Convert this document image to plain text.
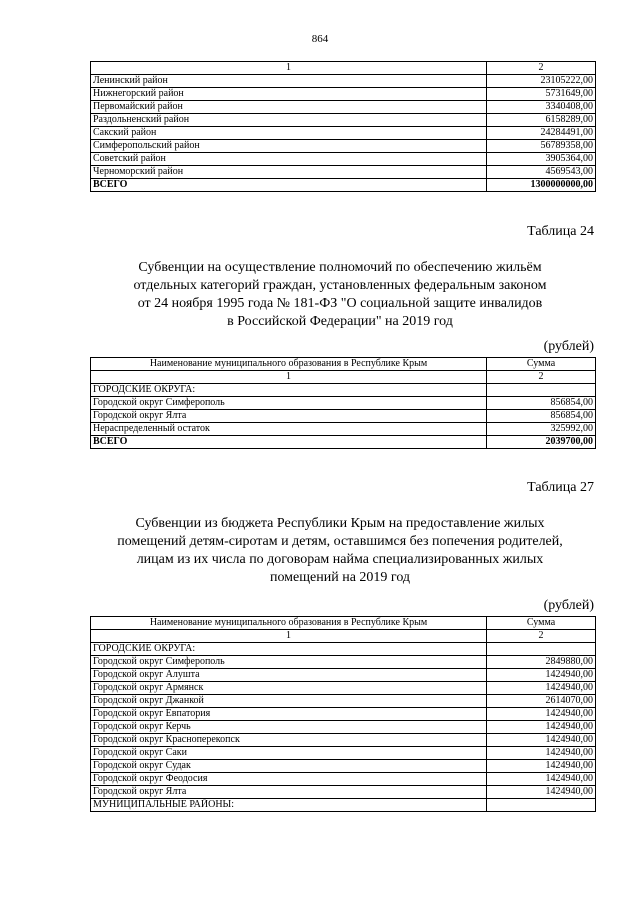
864
1	2
Ленинский район	23105222,00
Нижнегорский район	5731649,00
Первомайский район	3340408,00
Раздольненский район	6158289,00
Сакский район	24284491,00
Симферопольский район	56789358,00
Советский район	3905364,00
Черноморский район	4569543,00
ВСЕГО	1300000000,00
Таблица 24
Субвенции на осуществление полномочий по обеспечению жильём
отдельных категорий граждан, установленных федеральным законом
от 24 ноября 1995 года № 181-ФЗ "О социальной защите инвалидов
в Российской Федерации" на 2019 год
(рублей)
Наименование муниципального образования в Республике Крым	Сумма
1	2
ГОРОДСКИЕ ОКРУГА:	
Городской округ Симферополь	856854,00
Городской округ Ялта	856854,00
Нераспределенный остаток	325992,00
ВСЕГО	2039700,00
Таблица 27
Субвенции из бюджета Республики Крым на предоставление жилых
помещений детям-сиротам и детям, оставшимся без попечения родителей,
лицам из их числа по договорам найма специализированных жилых
помещений на 2019 год
(рублей)
Наименование муниципального образования в Республике Крым	Сумма
1	2
ГОРОДСКИЕ ОКРУГА:	
Городской округ Симферополь	2849880,00
Городской округ Алушта	1424940,00
Городской округ Армянск	1424940,00
Городской округ Джанкой	2614070,00
Городской округ Евпатория	1424940,00
Городской округ Керчь	1424940,00
Городской округ Красноперекопск	1424940,00
Городской округ Саки	1424940,00
Городской округ Судак	1424940,00
Городской округ Феодосия	1424940,00
Городской округ Ялта	1424940,00
МУНИЦИПАЛЬНЫЕ РАЙОНЫ:	
